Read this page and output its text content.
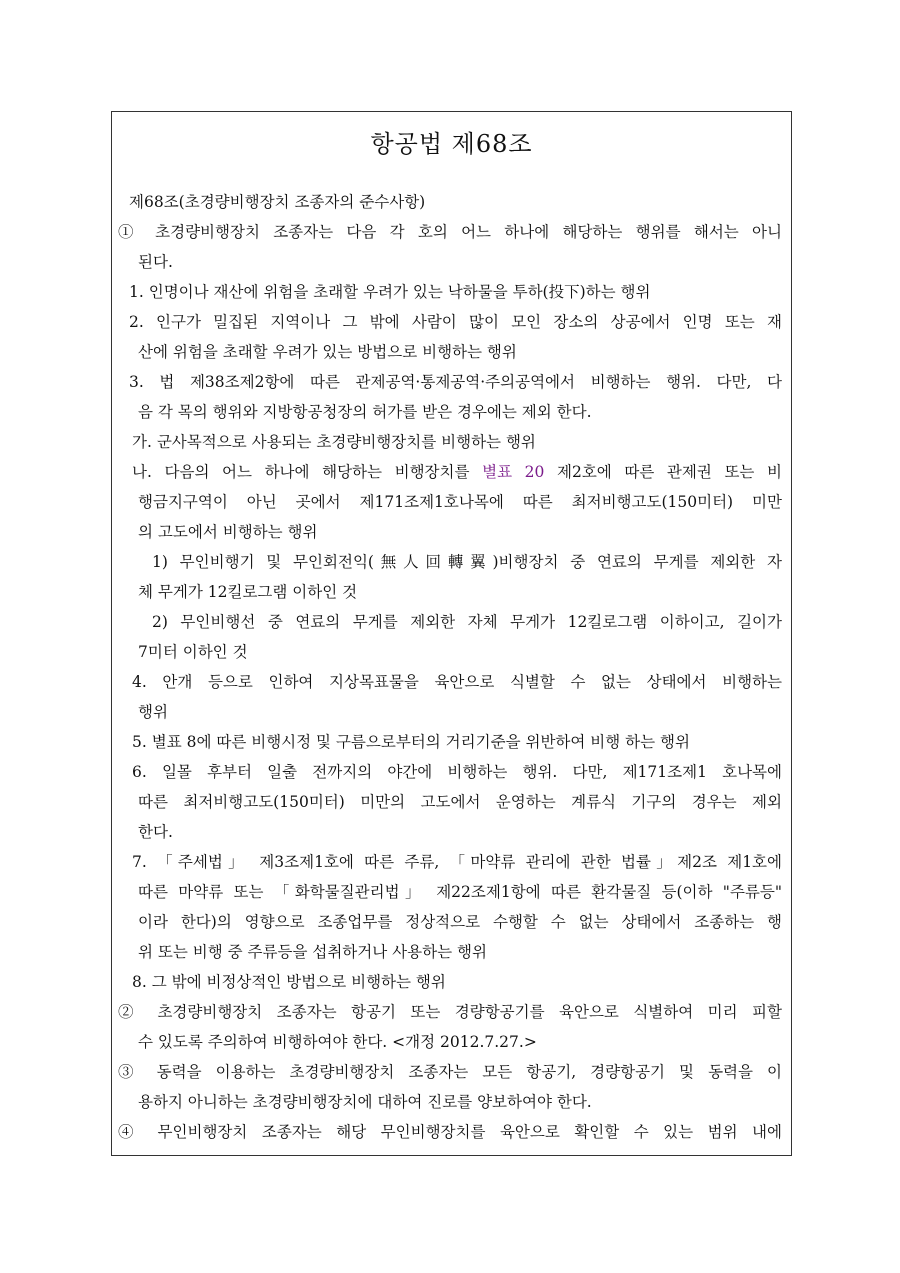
항공법 제68조
제68조(초경량비행장치 조종자의 준수사항)
① 초경량비행장치 조종자는 다음 각 호의 어느 하나에 해당하는 행위를 해서는 아니
된다.
1. 인명이나 재산에 위험을 초래할 우려가 있는 낙하물을 투하(投下)하는 행위
2. 인구가 밀집된 지역이나 그 밖에 사람이 많이 모인 장소의 상공에서 인명 또는 재
산에 위험을 초래할 우려가 있는 방법으로 비행하는 행위
3. 법 제38조제2항에 따른 관제공역·통제공역·주의공역에서 비행하는 행위. 다만, 다
음 각 목의 행위와 지방항공청장의 허가를 받은 경우에는 제외 한다.
가. 군사목적으로 사용되는 초경량비행장치를 비행하는 행위
나. 다음의 어느 하나에 해당하는 비행장치를 별표 20 제2호에 따른 관제권 또는 비
행금지구역이 아닌 곳에서 제171조제1호나목에 따른 최저비행고도(150미터) 미만
의 고도에서 비행하는 행위
1) 무인비행기 및 무인회전익(無人回轉翼)비행장치 중 연료의 무게를 제외한 자
체 무게가 12킬로그램 이하인 것
2) 무인비행선 중 연료의 무게를 제외한 자체 무게가 12킬로그램 이하이고, 길이가
7미터 이하인 것
4. 안개 등으로 인하여 지상목표물을 육안으로 식별할 수 없는 상태에서 비행하는
행위
5. 별표 8에 따른 비행시정 및 구름으로부터의 거리기준을 위반하여 비행 하는 행위
6. 일몰 후부터 일출 전까지의 야간에 비행하는 행위. 다만, 제171조제1 호나목에
따른 최저비행고도(150미터) 미만의 고도에서 운영하는 계류식 기구의 경우는 제외
한다.
7. 「주세법」 제3조제1호에 따른 주류, 「마약류 관리에 관한 법률」제2조 제1호에
따른 마약류 또는 「화학물질관리법」 제22조제1항에 따른 환각물질 등(이하 "주류등"
이라 한다)의 영향으로 조종업무를 정상적으로 수행할 수 없는 상태에서 조종하는 행
위 또는 비행 중 주류등을 섭취하거나 사용하는 행위
8. 그 밖에 비정상적인 방법으로 비행하는 행위
② 초경량비행장치 조종자는 항공기 또는 경량항공기를 육안으로 식별하여 미리 피할
수 있도록 주의하여 비행하여야 한다. <개정 2012.7.27.>
③ 동력을 이용하는 초경량비행장치 조종자는 모든 항공기, 경량항공기 및 동력을 이
용하지 아니하는 초경량비행장치에 대하여 진로를 양보하여야 한다.
④ 무인비행장치 조종자는 해당 무인비행장치를 육안으로 확인할 수 있는 범위 내에
